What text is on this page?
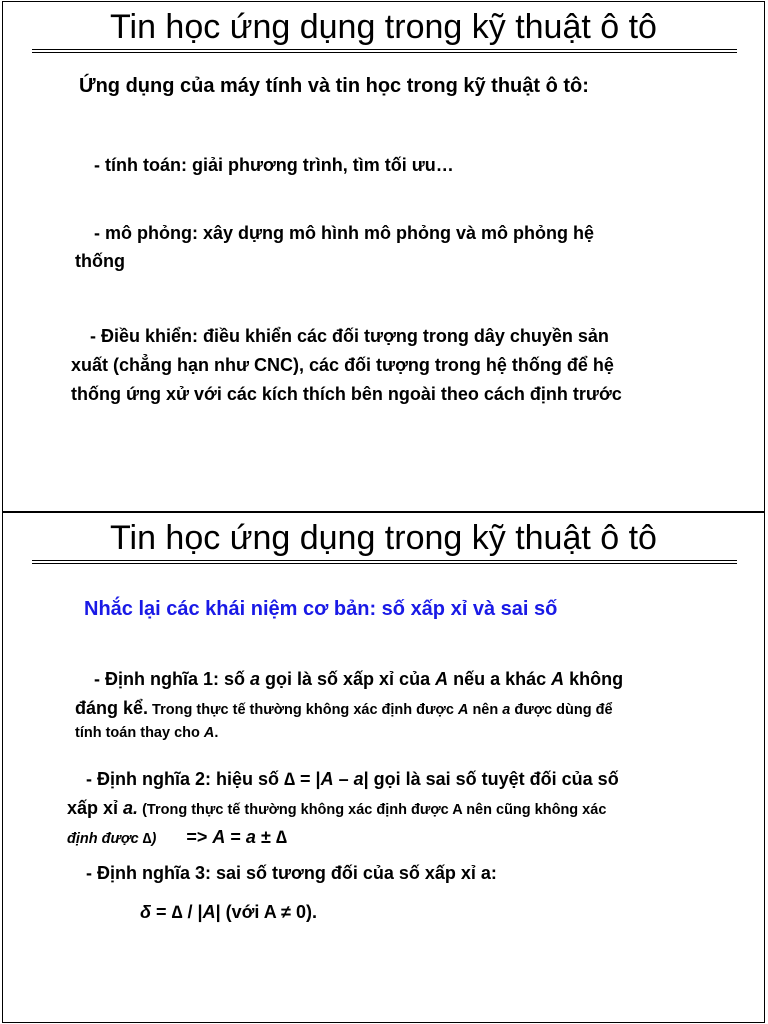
Tin học ứng dụng trong kỹ thuật ô tô
Ứng dụng của máy tính và tin học trong kỹ thuật ô tô:
- tính toán: giải phương trình, tìm tối ưu…
- mô phỏng: xây dựng mô hình mô phỏng và mô phỏng hệ
thống
- Điều khiển: điều khiển các đối tượng trong dây chuyền sản
xuất (chẳng hạn như CNC), các đối tượng trong hệ thống để hệ
thống ứng xử với các kích thích bên ngoài theo cách định trước
Tin học ứng dụng trong kỹ thuật ô tô
Nhắc lại các khái niệm cơ bản: số xấp xỉ và sai số
- Định nghĩa 1: số a gọi là số xấp xỉ của A nếu a khác A không
đáng kể. Trong thực tế thường không xác định được A nên a được dùng để
tính toán thay cho A.
- Định nghĩa 2: hiệu số ∆ = |A – a| gọi là sai số tuyệt đối của số
xấp xỉ a. (Trong thực tế thường không xác định được A nên cũng không xác
định được ∆) => A = a ± ∆
- Định nghĩa 3: sai số tương đối của số xấp xỉ a:
δ = ∆ / |A| (với A ≠ 0).
